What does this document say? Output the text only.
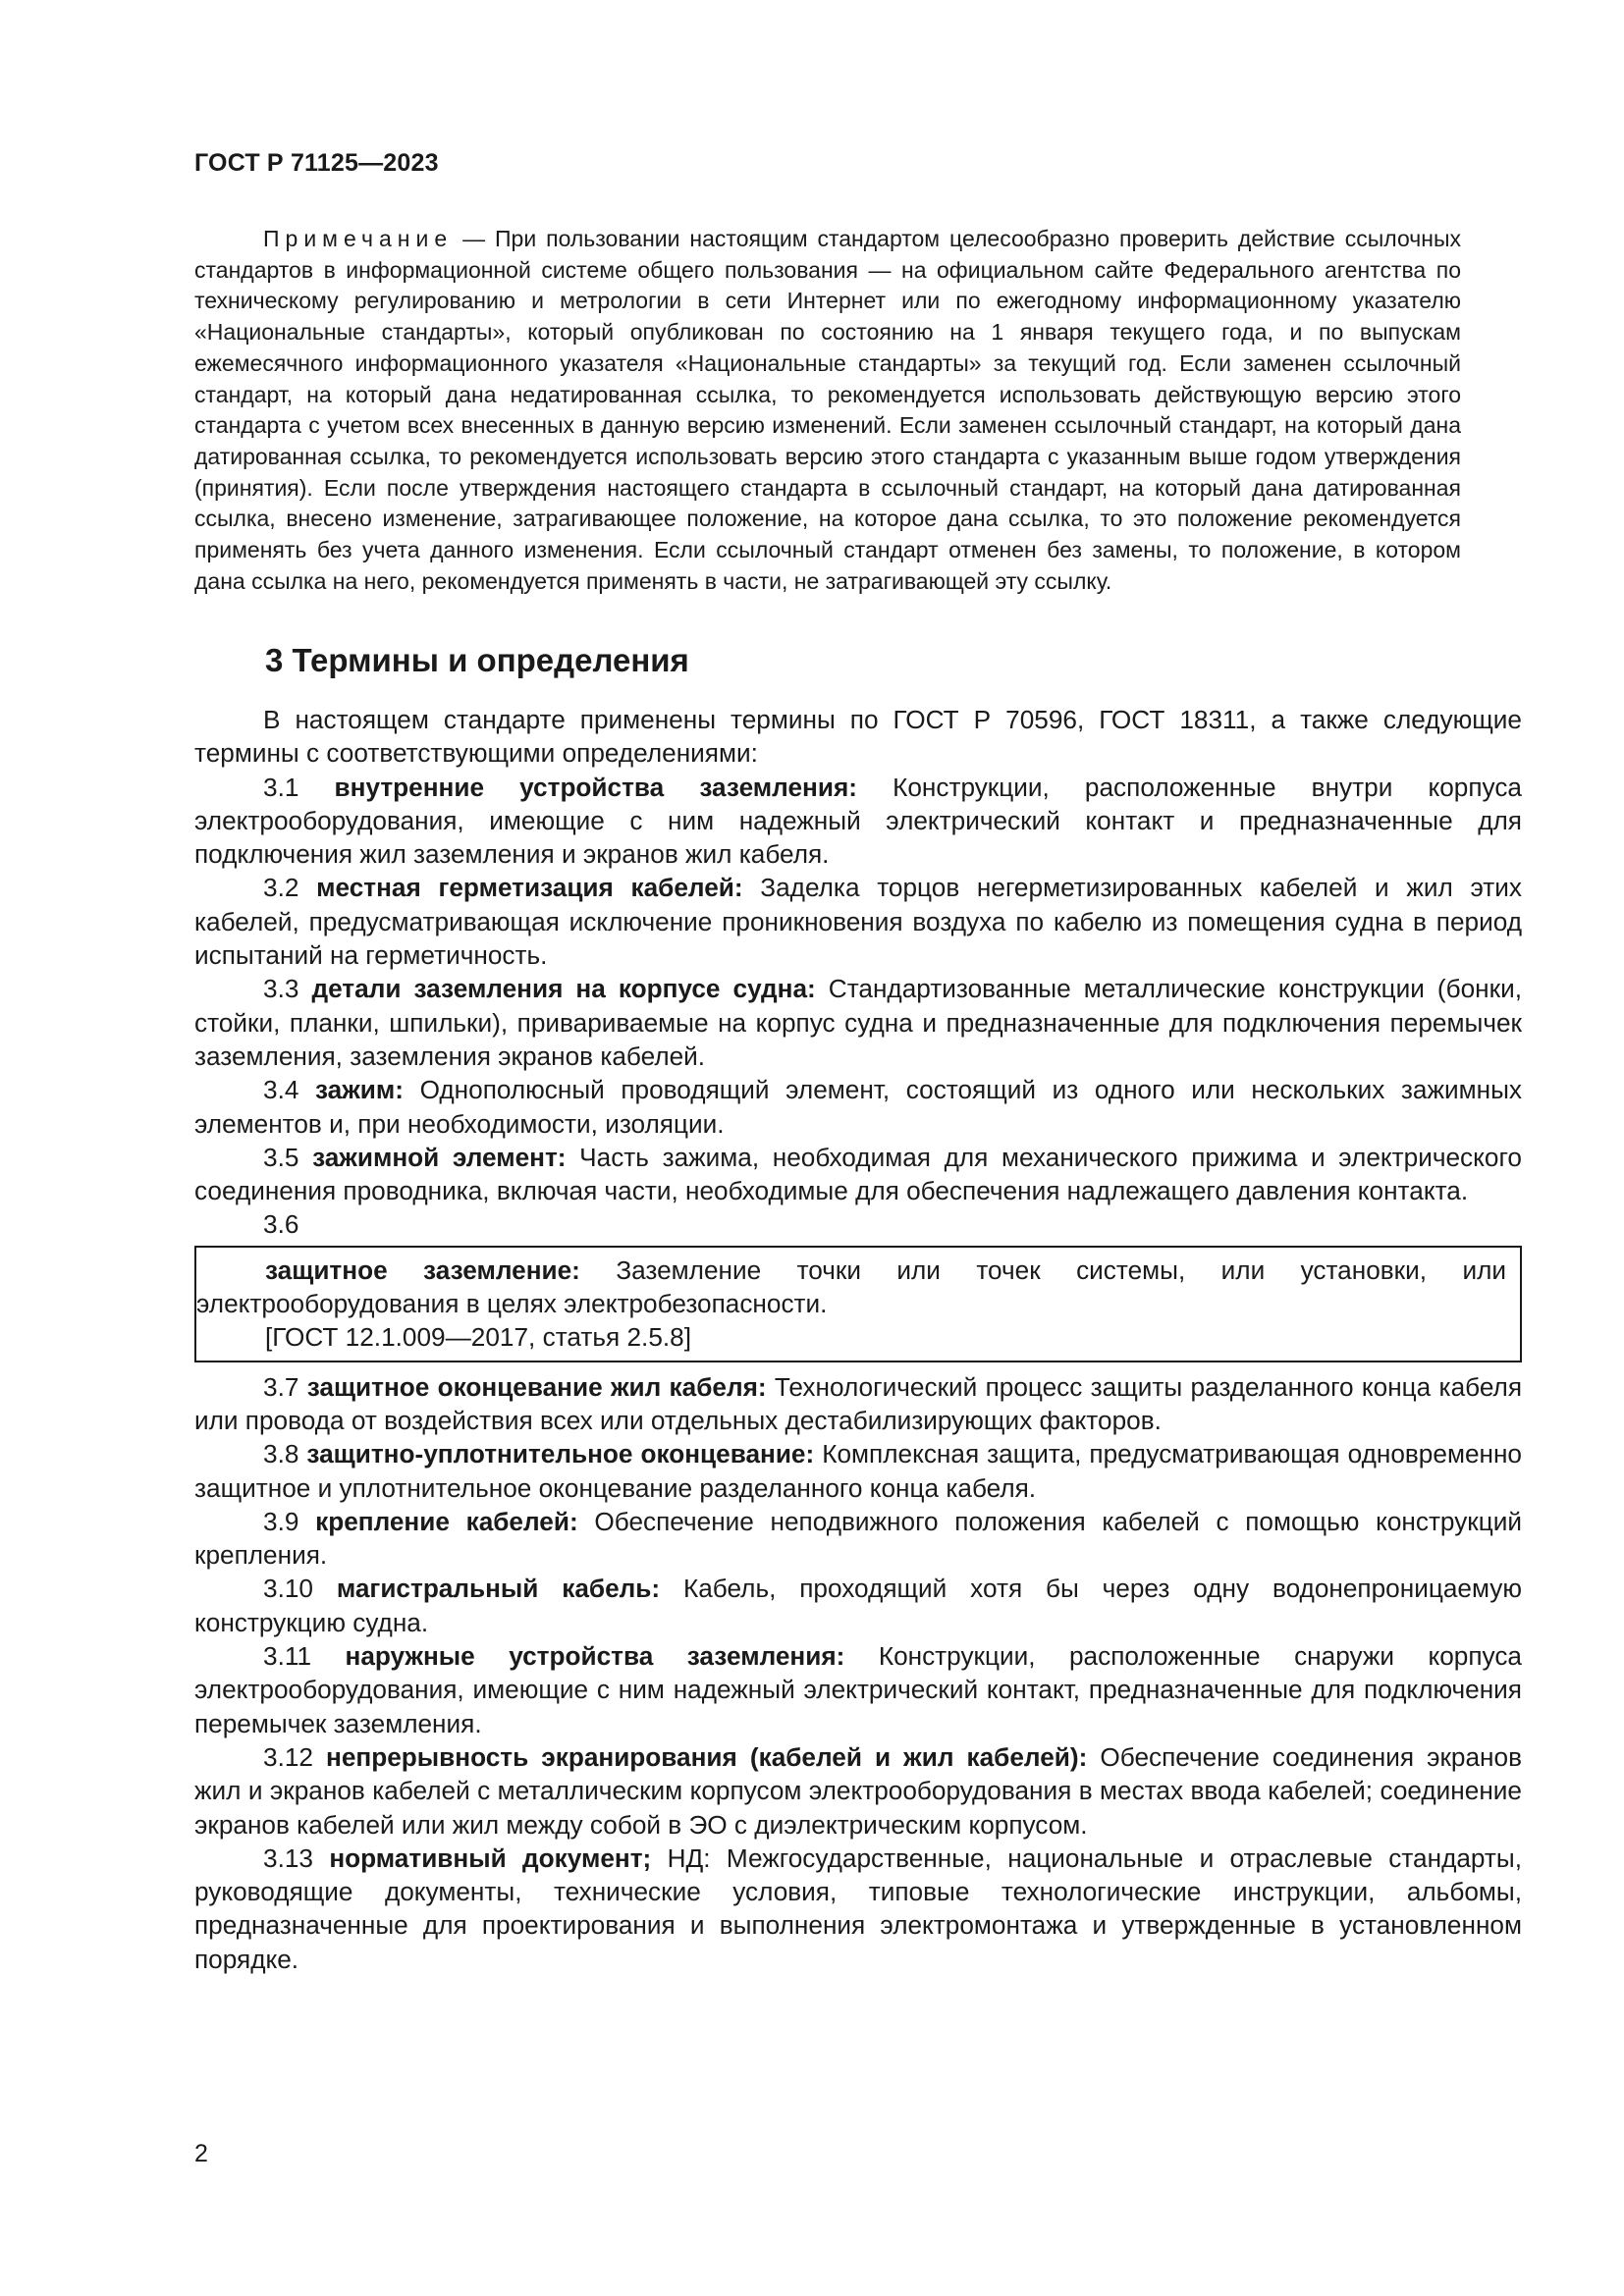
ГОСТ Р 71125—2023

Примечание — При пользовании настоящим стандартом целесообразно проверить действие ссылочных стандартов в информационной системе общего пользования — на официальном сайте Федерального агентства по техническому регулированию и метрологии в сети Интернет или по ежегодному информационному указателю «Национальные стандарты», который опубликован по состоянию на 1 января текущего года, и по выпускам ежемесячного информационного указателя «Национальные стандарты» за текущий год. Если заменен ссылочный стандарт, на который дана недатированная ссылка, то рекомендуется использовать действующую версию этого стандарта с учетом всех внесенных в данную версию изменений. Если заменен ссылочный стандарт, на который дана датированная ссылка, то рекомендуется использовать версию этого стандарта с указанным выше годом утверждения (принятия). Если после утверждения настоящего стандарта в ссылочный стандарт, на который дана датированная ссылка, внесено изменение, затрагивающее положение, на которое дана ссылка, то это положение рекомендуется применять без учета данного изменения. Если ссылочный стандарт отменен без замены, то положение, в котором дана ссылка на него, рекомендуется применять в части, не затрагивающей эту ссылку.

3 Термины и определения

В настоящем стандарте применены термины по ГОСТ Р 70596, ГОСТ 18311, а также следующие термины с соответствующими определениями:

3.1 внутренние устройства заземления: Конструкции, расположенные внутри корпуса электрооборудования, имеющие с ним надежный электрический контакт и предназначенные для подключения жил заземления и экранов жил кабеля.

3.2 местная герметизация кабелей: Заделка торцов негерметизированных кабелей и жил этих кабелей, предусматривающая исключение проникновения воздуха по кабелю из помещения судна в период испытаний на герметичность.

3.3 детали заземления на корпусе судна: Стандартизованные металлические конструкции (бонки, стойки, планки, шпильки), привариваемые на корпус судна и предназначенные для подключения перемычек заземления, заземления экранов кабелей.

3.4 зажим: Однополюсный проводящий элемент, состоящий из одного или нескольких зажимных элементов и, при необходимости, изоляции.

3.5 зажимной элемент: Часть зажима, необходимая для механического прижима и электрического соединения проводника, включая части, необходимые для обеспечения надлежащего давления контакта.

3.6

защитное заземление: Заземление точки или точек системы, или установки, или электрооборудования в целях электробезопасности.

[ГОСТ 12.1.009—2017, статья 2.5.8]

3.7 защитное оконцевание жил кабеля: Технологический процесс защиты разделанного конца кабеля или провода от воздействия всех или отдельных дестабилизирующих факторов.

3.8 защитно-уплотнительное оконцевание: Комплексная защита, предусматривающая одновременно защитное и уплотнительное оконцевание разделанного конца кабеля.

3.9 крепление кабелей: Обеспечение неподвижного положения кабелей с помощью конструкций крепления.

3.10 магистральный кабель: Кабель, проходящий хотя бы через одну водонепроницаемую конструкцию судна.

3.11 наружные устройства заземления: Конструкции, расположенные снаружи корпуса электрооборудования, имеющие с ним надежный электрический контакт, предназначенные для подключения перемычек заземления.

3.12 непрерывность экранирования (кабелей и жил кабелей): Обеспечение соединения экранов жил и экранов кабелей с металлическим корпусом электрооборудования в местах ввода кабелей; соединение экранов кабелей или жил между собой в ЭО с диэлектрическим корпусом.

3.13 нормативный документ; НД: Межгосударственные, национальные и отраслевые стандарты, руководящие документы, технические условия, типовые технологические инструкции, альбомы, предназначенные для проектирования и выполнения электромонтажа и утвержденные в установленном порядке.

2
